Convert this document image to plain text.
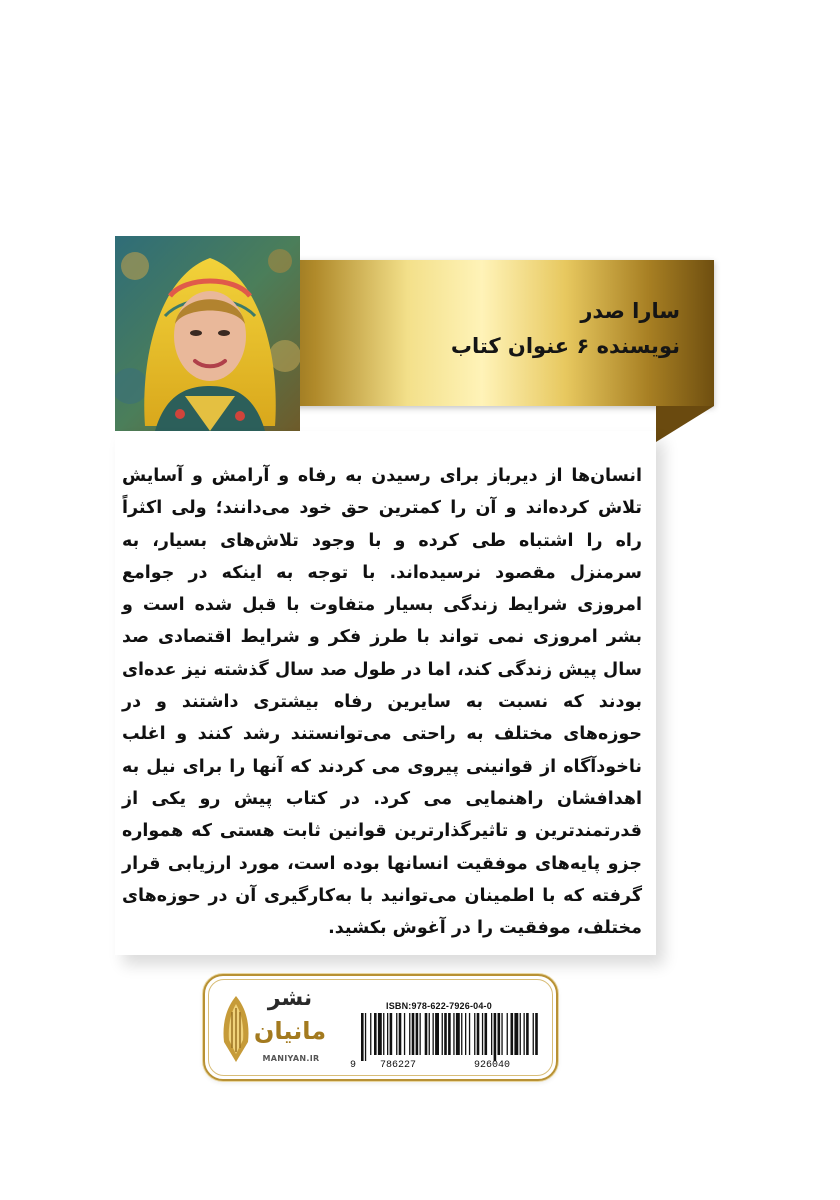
سارا صدر
نویسنده ۶ عنوان کتاب

انسان‌ها از دیرباز برای رسیدن به رفاه و آرامش و آسایش تلاش کرده‌اند و آن را کمترین حق خود می‌دانند؛ ولی اکثراً راه را اشتباه طی کرده و با وجود تلاش‌های بسیار، به سرمنزل مقصود نرسیده‌اند. با توجه به اینکه در جوامع امروزی شرایط زندگی بسیار متفاوت با قبل شده است و بشر امروزی نمی تواند با طرز فکر و شرایط اقتصادی صد سال پیش زندگی کند، اما در طول صد سال گذشته نیز عده‌ای بودند که نسبت به سایرین رفاه بیشتری داشتند و در حوزه‌های مختلف به راحتی می‌توانستند رشد کنند و اغلب ناخودآگاه از قوانینی پیروی می کردند که آنها را برای نیل به اهدافشان راهنمایی می کرد. در کتاب پیش رو یکی از قدرتمندترین و تاثیرگذارترین قوانین ثابت هستی که همواره جزو پایه‌های موفقیت انسانها بوده است، مورد ارزیابی قرار گرفته که با اطمینان می‌توانید با به‌کارگیری آن در حوزه‌های مختلف، موفقیت را در آغوش بکشید.

نشر
مانیان
MANIYAN.IR
ISBN:978-622-7926-04-0
9 786227	926040
